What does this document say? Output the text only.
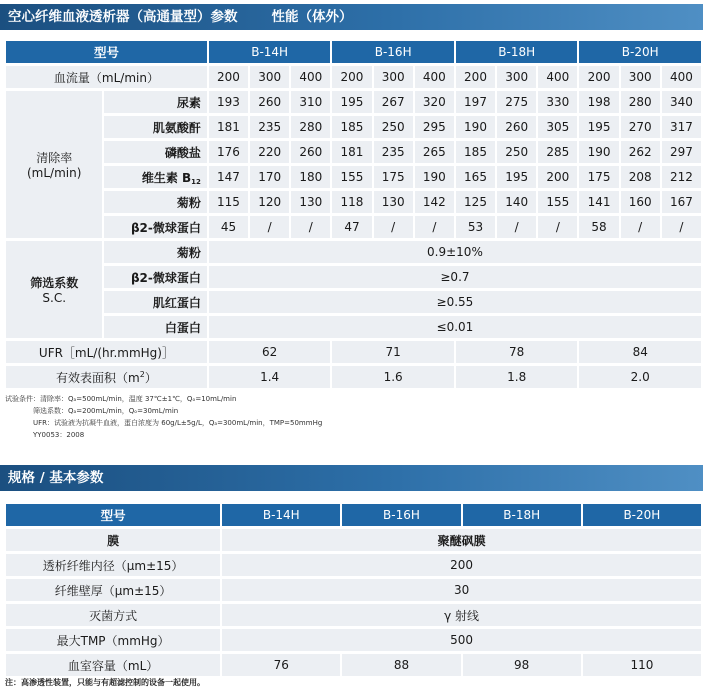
空心纤维血液透析器（高通量型）参数	性能（体外）
型号		B-14H			B-16H			B-18H			B-20H		
血流量（mL/min）		200	300	400	200	300	400	200	300	400	200	300	400
清除率
(mL/min)	尿素	193	260	310	195	267	320	197	275	330	198	280	340
	肌氨酸酐	181	235	280	185	250	295	190	260	305	195	270	317
	磷酸盐	176	220	260	181	235	265	185	250	285	190	262	297
	维生素 $B_{12}$	147	170	180	155	175	190	165	195	200	175	208	212
	菊粉	115	120	130	118	130	142	125	140	155	141	160	167
	β2-微球蛋白	45	/	/	47	/	/	53	/	/	58	/	/

筛选系数
S.C.	菊粉	0.9±10%											
	β2-微球蛋白	≥0.7											
	肌红蛋白	≥0.55											
	白蛋白	≤0.01											
UFR［mL/(hr.mmHg)］		62			71			78			84		
有效表面积$(m^2)$		1.4			1.6			1.8			2.0		
试验条件：清除率：Qₐ=500mL/min，温度 37℃±1℃，Qₒ=10mL/min
筛选系数：Qₐ=200mL/min，Qₒ=30mL/min
UFR：试验液为抗凝牛血液，蛋白浓度为 60g/L±5g/L，Qₐ=300mL/min，TMP=50mmHg
YY0053：2008
规格 / 基本参数
型号	B-14H	B-16H	B-18H	B-20H
膜	聚醚砜膜			
透析纤维内径（μm±15）	200			
纤维壁厚（μm±15）	30			
灭菌方式	γ 射线			
最大TMP（mmHg）	500			
血室容量（mL）	76	88	98	110
注：高渗透性装置，只能与有超滤控制的设备一起使用。
